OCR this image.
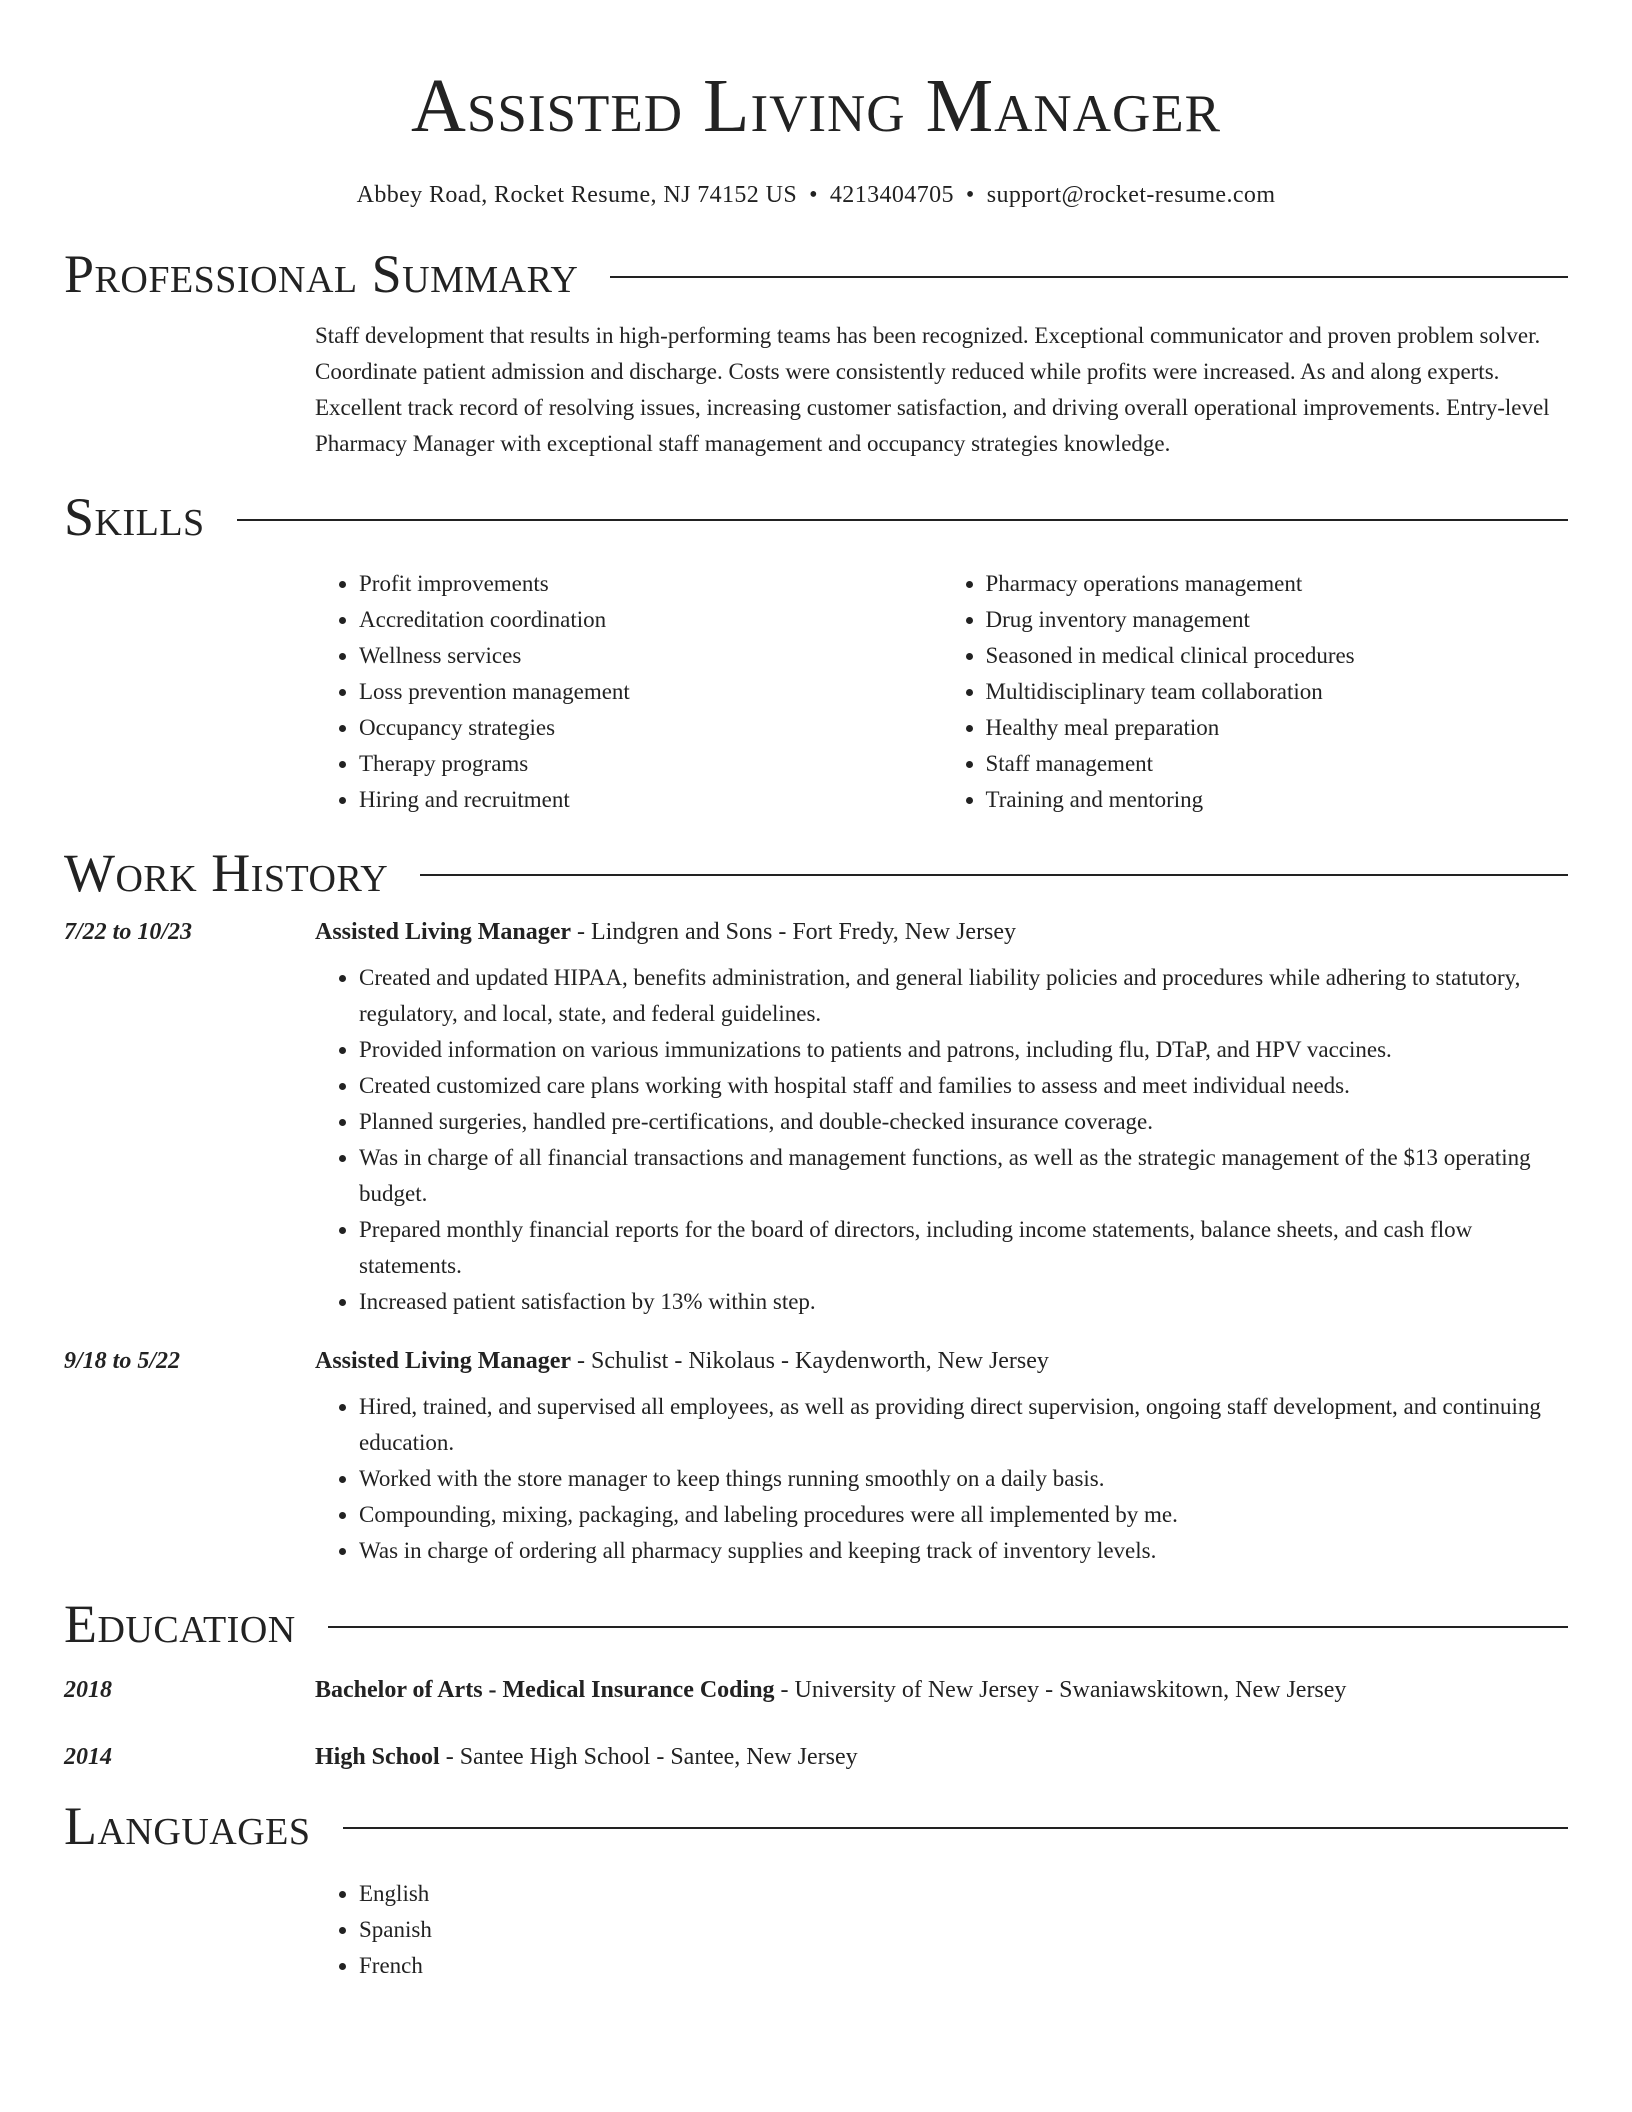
Assisted Living Manager
Abbey Road, Rocket Resume, NJ 74152 US • 4213404705 • support@rocket-resume.com
Professional Summary
Staff development that results in high-performing teams has been recognized. Exceptional communicator and proven problem solver. Coordinate patient admission and discharge. Costs were consistently reduced while profits were increased. As and along experts. Excellent track record of resolving issues, increasing customer satisfaction, and driving overall operational improvements. Entry-level Pharmacy Manager with exceptional staff management and occupancy strategies knowledge.
Skills
• Profit improvements
• Accreditation coordination
• Wellness services
• Loss prevention management
• Occupancy strategies
• Therapy programs
• Hiring and recruitment
• Pharmacy operations management
• Drug inventory management
• Seasoned in medical clinical procedures
• Multidisciplinary team collaboration
• Healthy meal preparation
• Staff management
• Training and mentoring
Work History
7/22 to 10/23	Assisted Living Manager - Lindgren and Sons - Fort Fredy, New Jersey
• Created and updated HIPAA, benefits administration, and general liability policies and procedures while adhering to statutory, regulatory, and local, state, and federal guidelines.
• Provided information on various immunizations to patients and patrons, including flu, DTaP, and HPV vaccines.
• Created customized care plans working with hospital staff and families to assess and meet individual needs.
• Planned surgeries, handled pre-certifications, and double-checked insurance coverage.
• Was in charge of all financial transactions and management functions, as well as the strategic management of the $13 operating budget.
• Prepared monthly financial reports for the board of directors, including income statements, balance sheets, and cash flow statements.
• Increased patient satisfaction by 13% within step.
9/18 to 5/22	Assisted Living Manager - Schulist - Nikolaus - Kaydenworth, New Jersey
• Hired, trained, and supervised all employees, as well as providing direct supervision, ongoing staff development, and continuing education.
• Worked with the store manager to keep things running smoothly on a daily basis.
• Compounding, mixing, packaging, and labeling procedures were all implemented by me.
• Was in charge of ordering all pharmacy supplies and keeping track of inventory levels.
Education
2018	Bachelor of Arts - Medical Insurance Coding - University of New Jersey - Swaniawskitown, New Jersey
2014	High School - Santee High School - Santee, New Jersey
Languages
• English
• Spanish
• French
